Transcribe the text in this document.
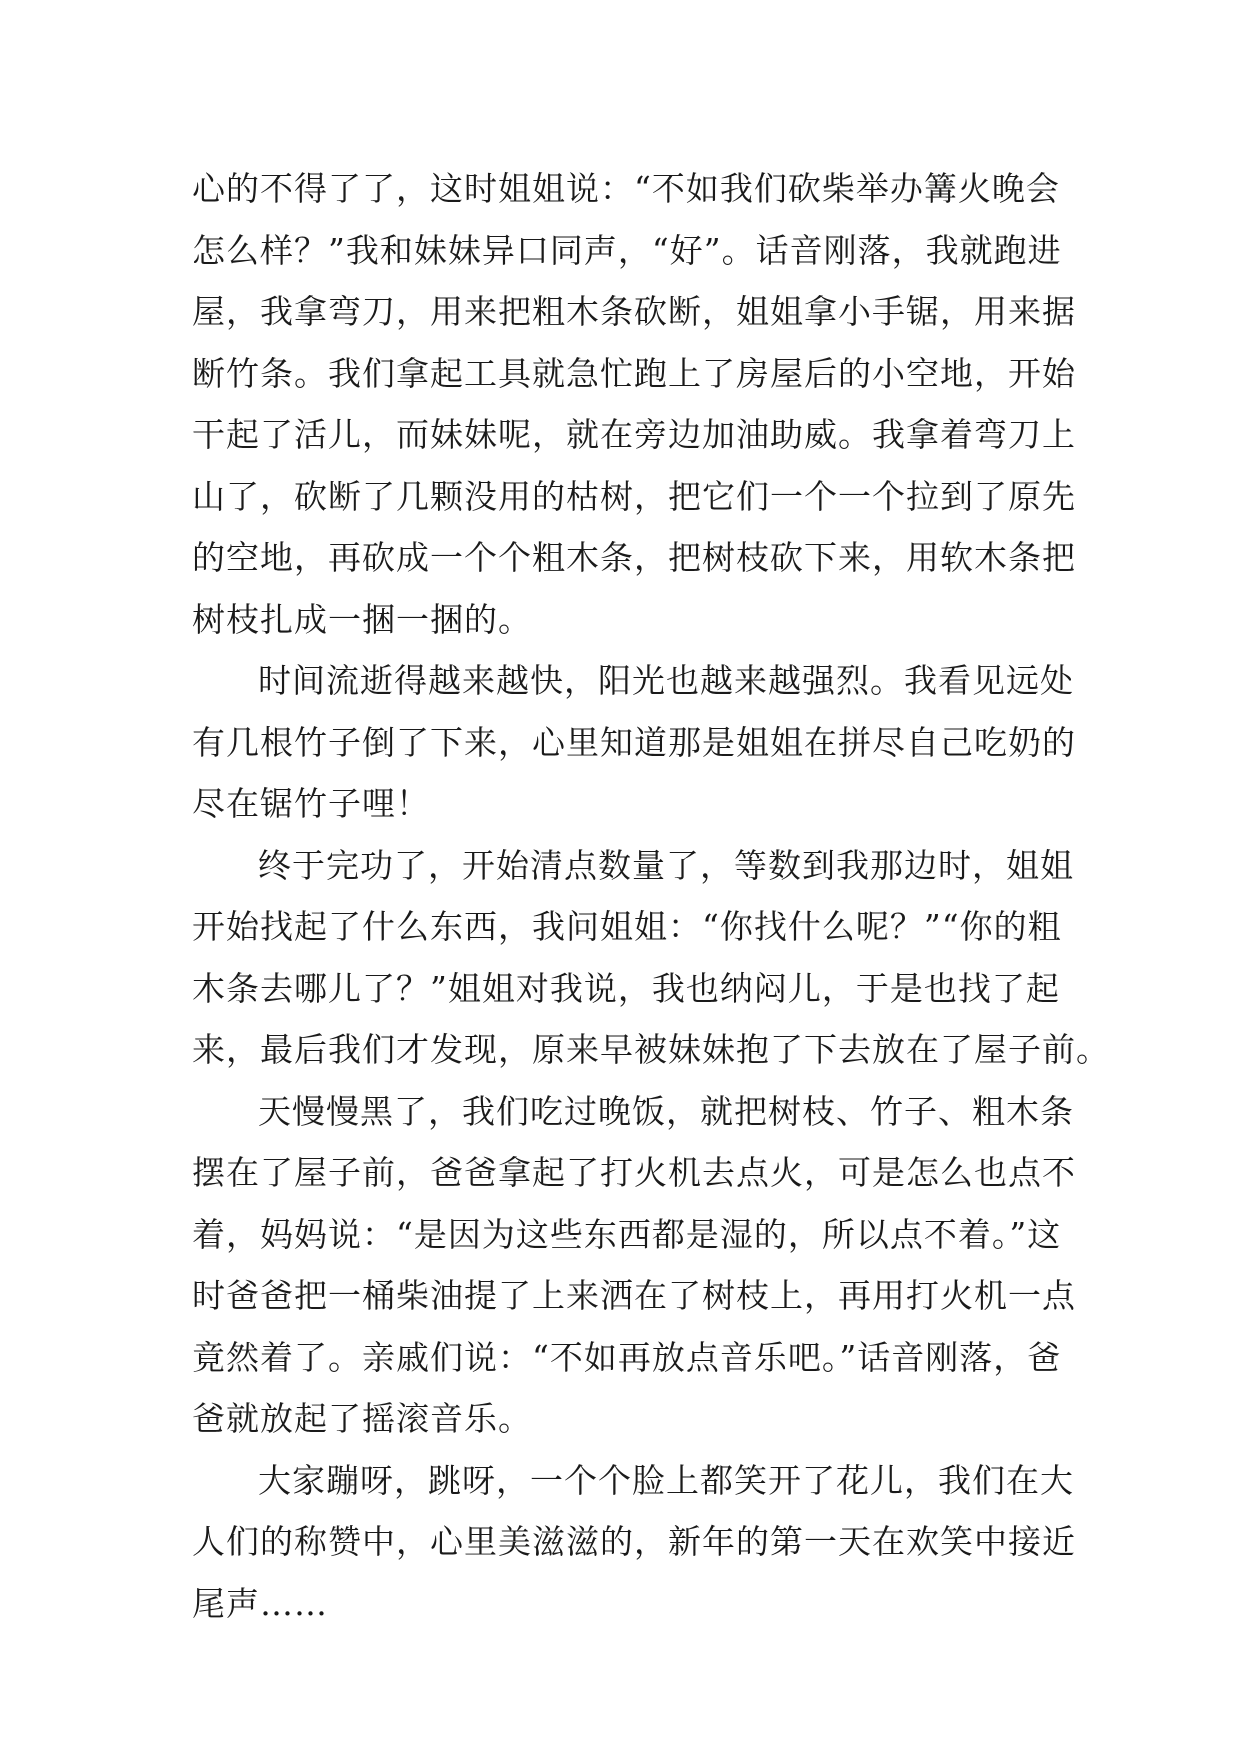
心的不得了了，这时姐姐说：“不如我们砍柴举办篝火晚会
怎么样？”我和妹妹异口同声，“好”。话音刚落，我就跑进
屋，我拿弯刀，用来把粗木条砍断，姐姐拿小手锯，用来据
断竹条。我们拿起工具就急忙跑上了房屋后的小空地，开始
干起了活儿，而妹妹呢，就在旁边加油助威。我拿着弯刀上
山了，砍断了几颗没用的枯树，把它们一个一个拉到了原先
的空地，再砍成一个个粗木条，把树枝砍下来，用软木条把
树枝扎成一捆一捆的。
时间流逝得越来越快，阳光也越来越强烈。我看见远处
有几根竹子倒了下来，心里知道那是姐姐在拼尽自己吃奶的
尽在锯竹子哩！
终于完功了，开始清点数量了，等数到我那边时，姐姐
开始找起了什么东西，我问姐姐：“你找什么呢？”“你的粗
木条去哪儿了？”姐姐对我说，我也纳闷儿，于是也找了起
来，最后我们才发现，原来早被妹妹抱了下去放在了屋子前。
天慢慢黑了，我们吃过晚饭，就把树枝、竹子、粗木条
摆在了屋子前，爸爸拿起了打火机去点火，可是怎么也点不
着，妈妈说：“是因为这些东西都是湿的，所以点不着。”这
时爸爸把一桶柴油提了上来洒在了树枝上，再用打火机一点
竟然着了。亲戚们说：“不如再放点音乐吧。”话音刚落，爸
爸就放起了摇滚音乐。
大家蹦呀，跳呀，一个个脸上都笑开了花儿，我们在大
人们的称赞中，心里美滋滋的，新年的第一天在欢笑中接近
尾声……
